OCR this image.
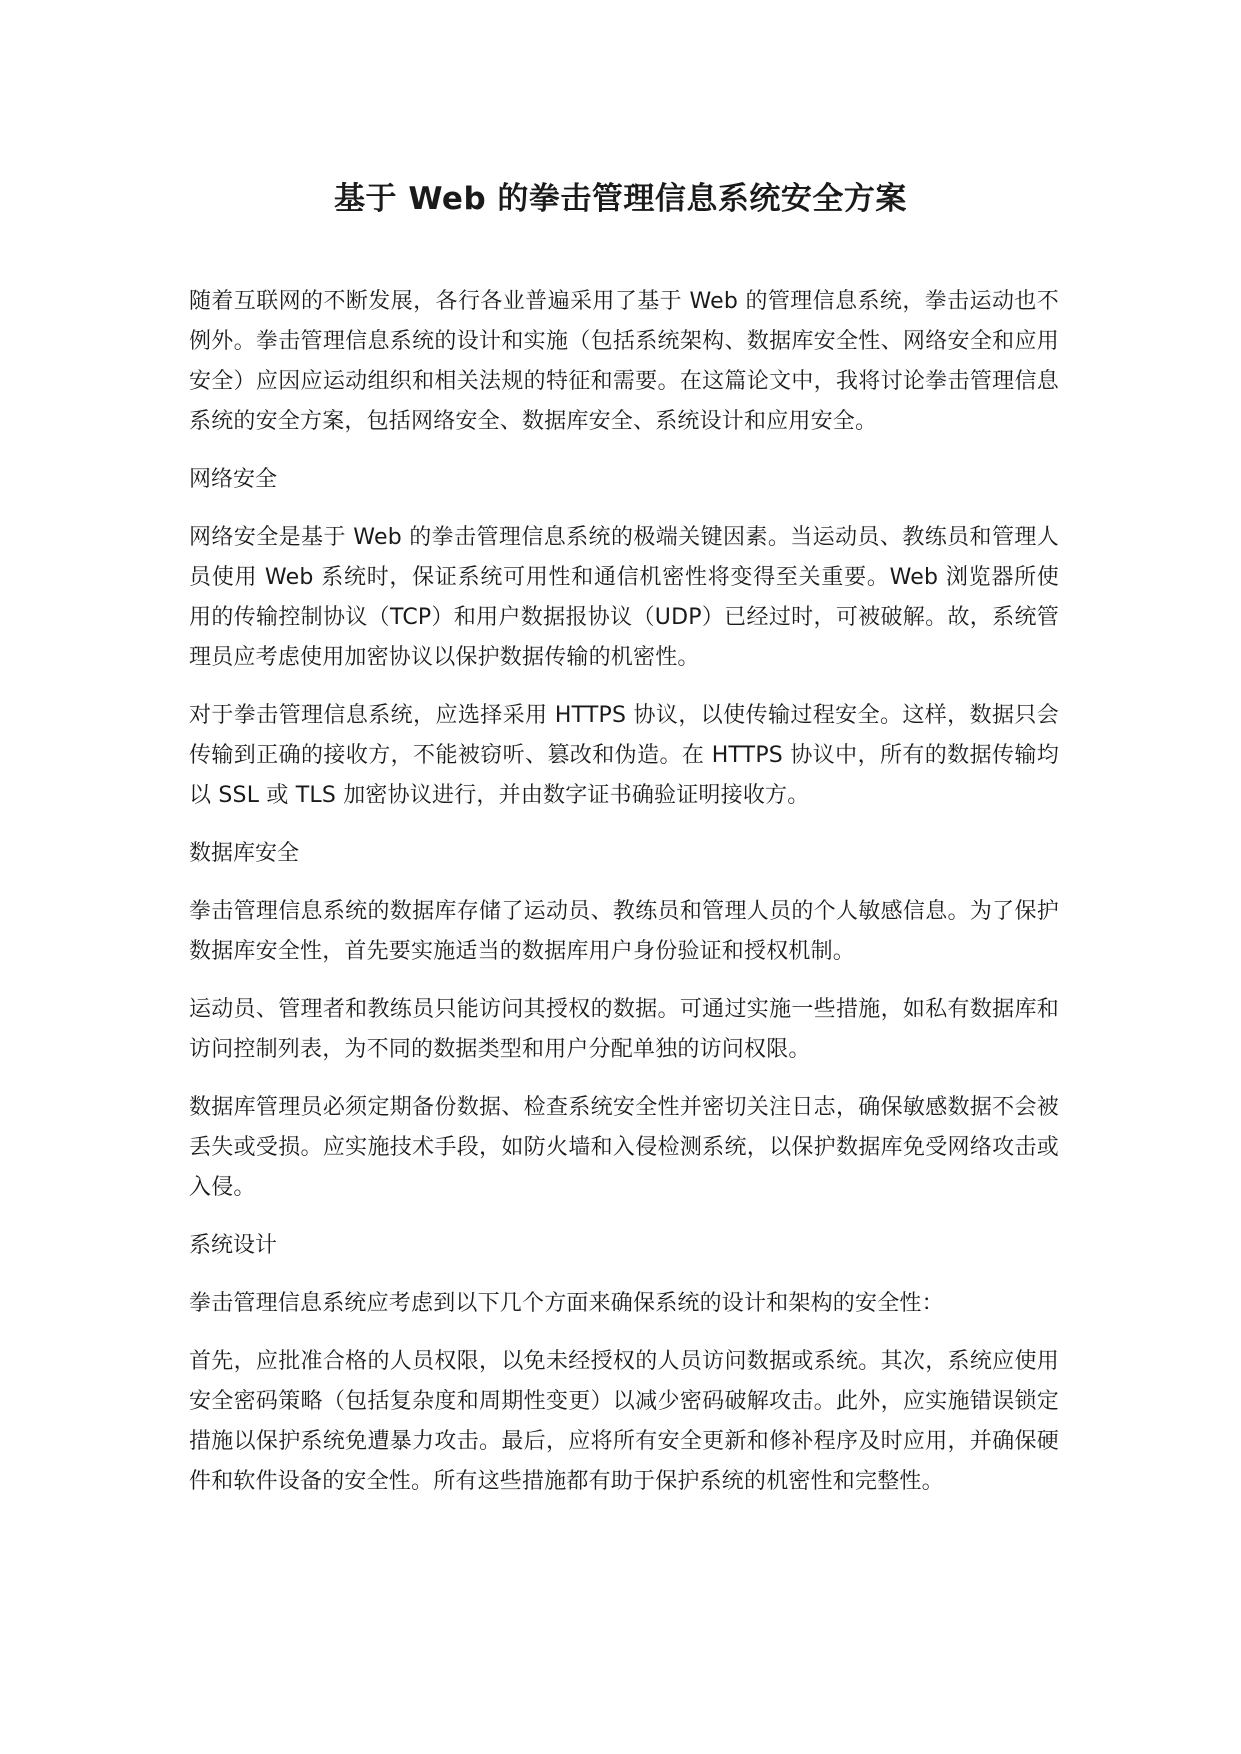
基于 Web 的拳击管理信息系统安全方案

随着互联网的不断发展，各行各业普遍采用了基于 Web 的管理信息系统，拳击运动也不例外。拳击管理信息系统的设计和实施（包括系统架构、数据库安全性、网络安全和应用安全）应因应运动组织和相关法规的特征和需要。在这篇论文中，我将讨论拳击管理信息系统的安全方案，包括网络安全、数据库安全、系统设计和应用安全。

网络安全

网络安全是基于 Web 的拳击管理信息系统的极端关键因素。当运动员、教练员和管理人员使用 Web 系统时，保证系统可用性和通信机密性将变得至关重要。Web 浏览器所使用的传输控制协议（TCP）和用户数据报协议（UDP）已经过时，可被破解。故，系统管理员应考虑使用加密协议以保护数据传输的机密性。

对于拳击管理信息系统，应选择采用 HTTPS 协议，以使传输过程安全。这样，数据只会传输到正确的接收方，不能被窃听、篡改和伪造。在 HTTPS 协议中，所有的数据传输均以 SSL 或 TLS 加密协议进行，并由数字证书确验证明接收方。

数据库安全

拳击管理信息系统的数据库存储了运动员、教练员和管理人员的个人敏感信息。为了保护数据库安全性，首先要实施适当的数据库用户身份验证和授权机制。

运动员、管理者和教练员只能访问其授权的数据。可通过实施一些措施，如私有数据库和访问控制列表，为不同的数据类型和用户分配单独的访问权限。

数据库管理员必须定期备份数据、检查系统安全性并密切关注日志，确保敏感数据不会被丢失或受损。应实施技术手段，如防火墙和入侵检测系统，以保护数据库免受网络攻击或入侵。

系统设计

拳击管理信息系统应考虑到以下几个方面来确保系统的设计和架构的安全性：

首先，应批准合格的人员权限，以免未经授权的人员访问数据或系统。其次，系统应使用安全密码策略（包括复杂度和周期性变更）以减少密码破解攻击。此外，应实施错误锁定措施以保护系统免遭暴力攻击。最后，应将所有安全更新和修补程序及时应用，并确保硬件和软件设备的安全性。所有这些措施都有助于保护系统的机密性和完整性。
